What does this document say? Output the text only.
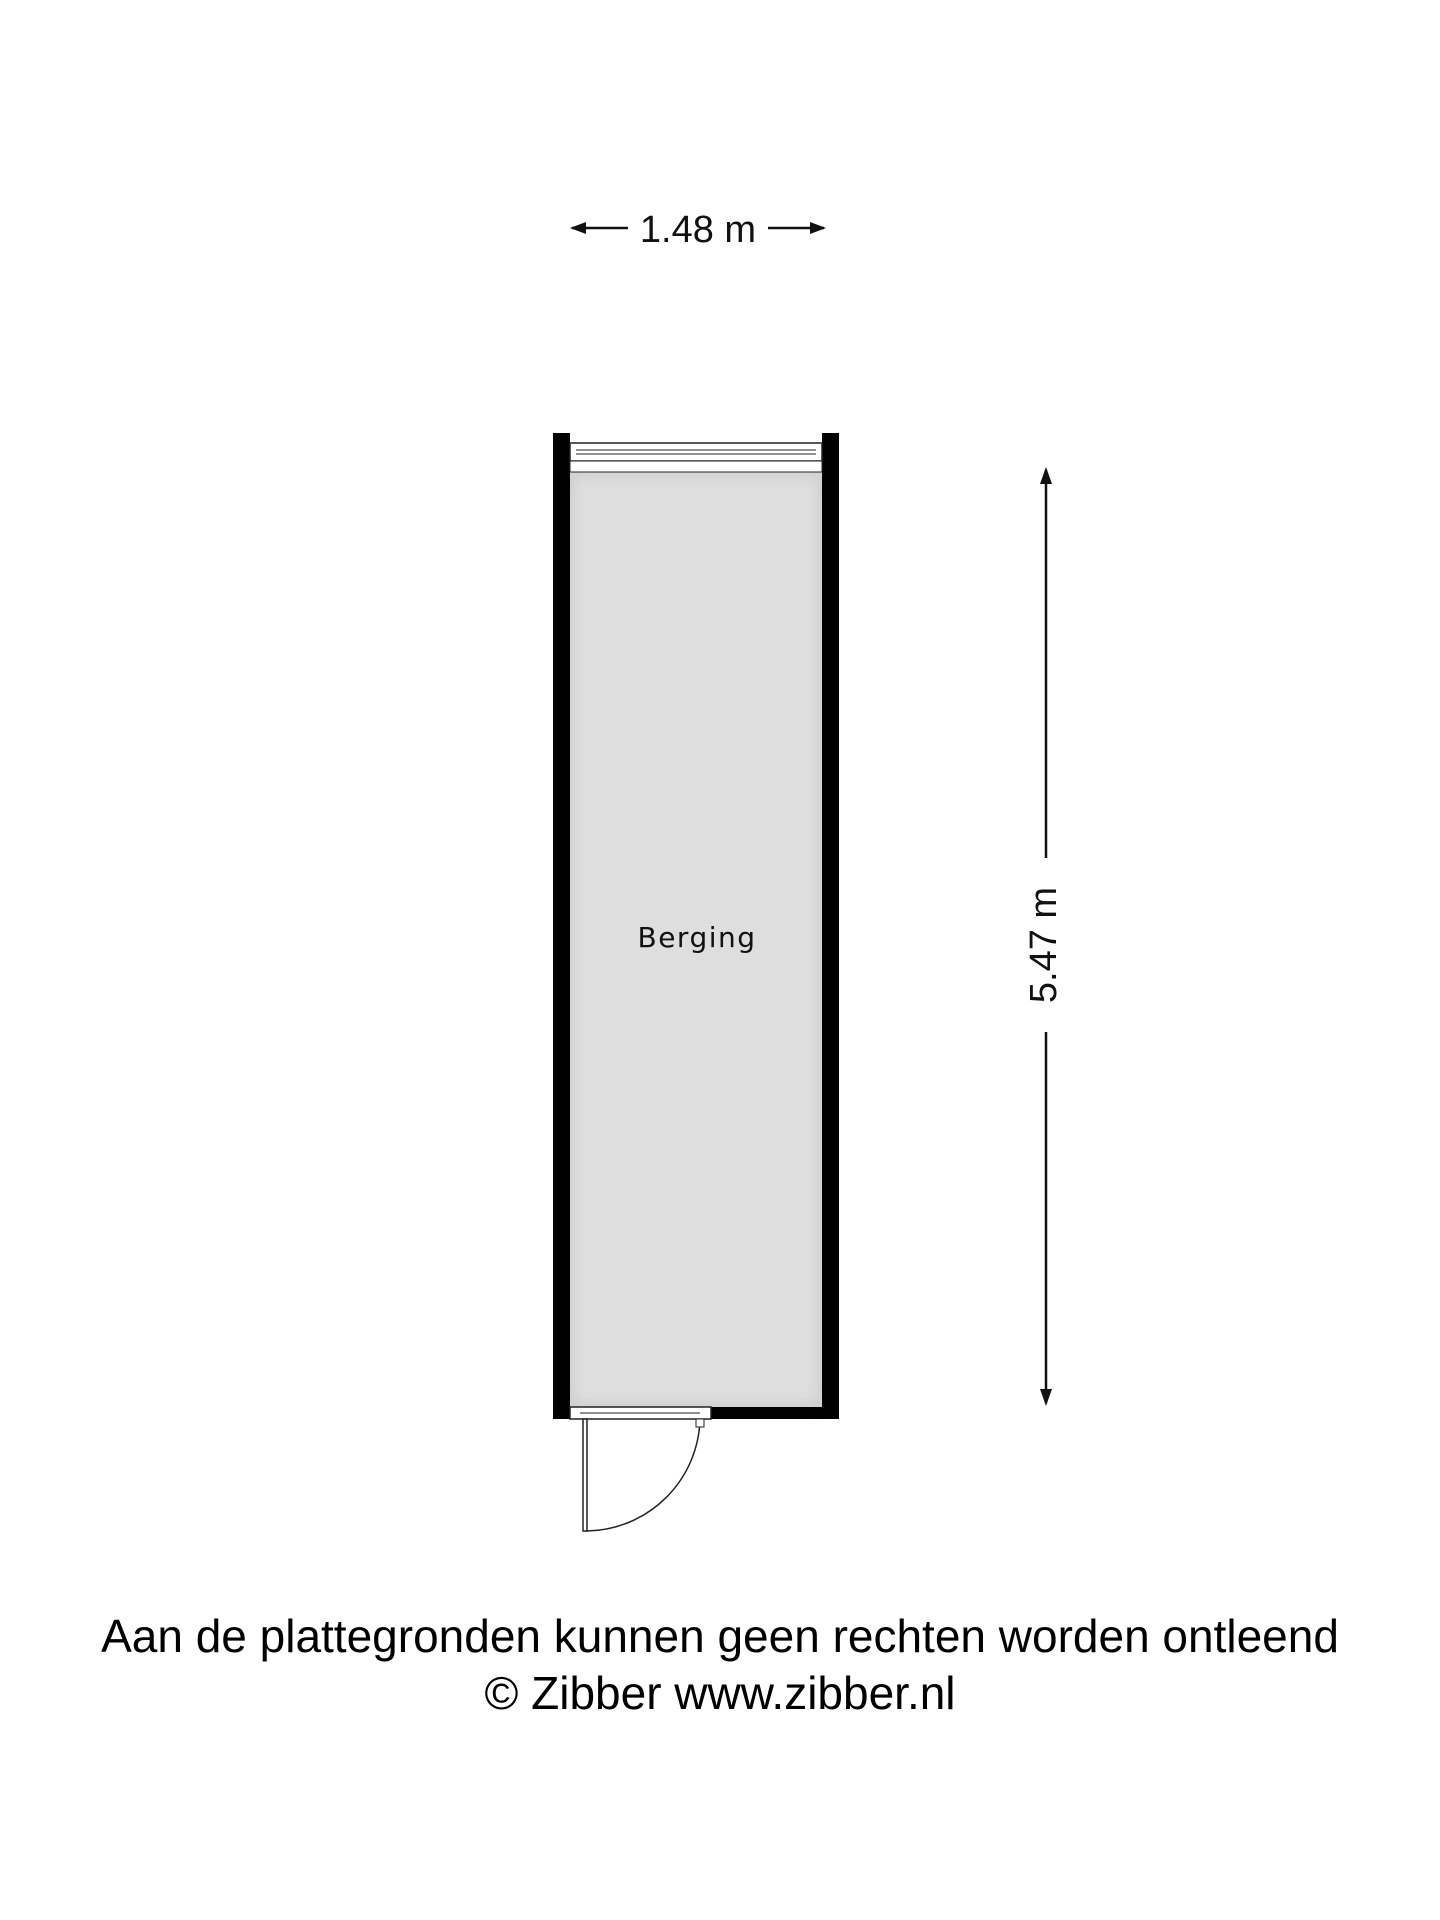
1.48 m
5.47 m
Berging
Aan de plattegronden kunnen geen rechten worden ontleend
© Zibber www.zibber.nl
